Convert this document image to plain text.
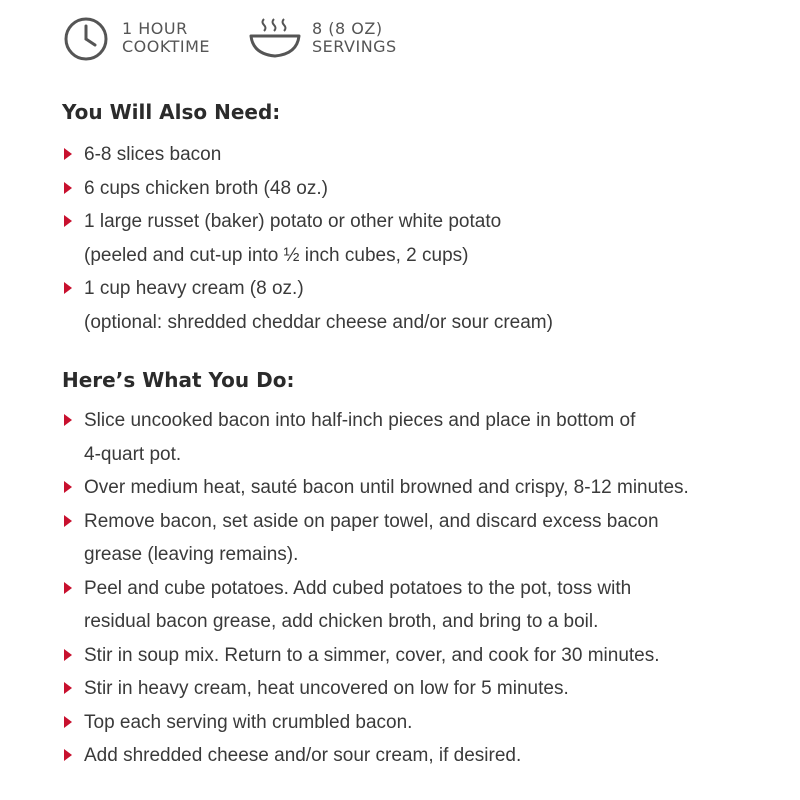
1 HOUR
COOKTIME
8 (8 OZ)
SERVINGS
You Will Also Need:
6-8 slices bacon
6 cups chicken broth (48 oz.)
1 large russet (baker) potato or other white potato
(peeled and cut-up into ½ inch cubes, 2 cups)
1 cup heavy cream (8 oz.)
(optional: shredded cheddar cheese and/or sour cream)
Here’s What You Do:
Slice uncooked bacon into half-inch pieces and place in bottom of
4-quart pot.
Over medium heat, sauté bacon until browned and crispy, 8-12 minutes.
Remove bacon, set aside on paper towel, and discard excess bacon
grease (leaving remains).
Peel and cube potatoes. Add cubed potatoes to the pot, toss with
residual bacon grease, add chicken broth, and bring to a boil.
Stir in soup mix. Return to a simmer, cover, and cook for 30 minutes.
Stir in heavy cream, heat uncovered on low for 5 minutes.
Top each serving with crumbled bacon.
Add shredded cheese and/or sour cream, if desired.
